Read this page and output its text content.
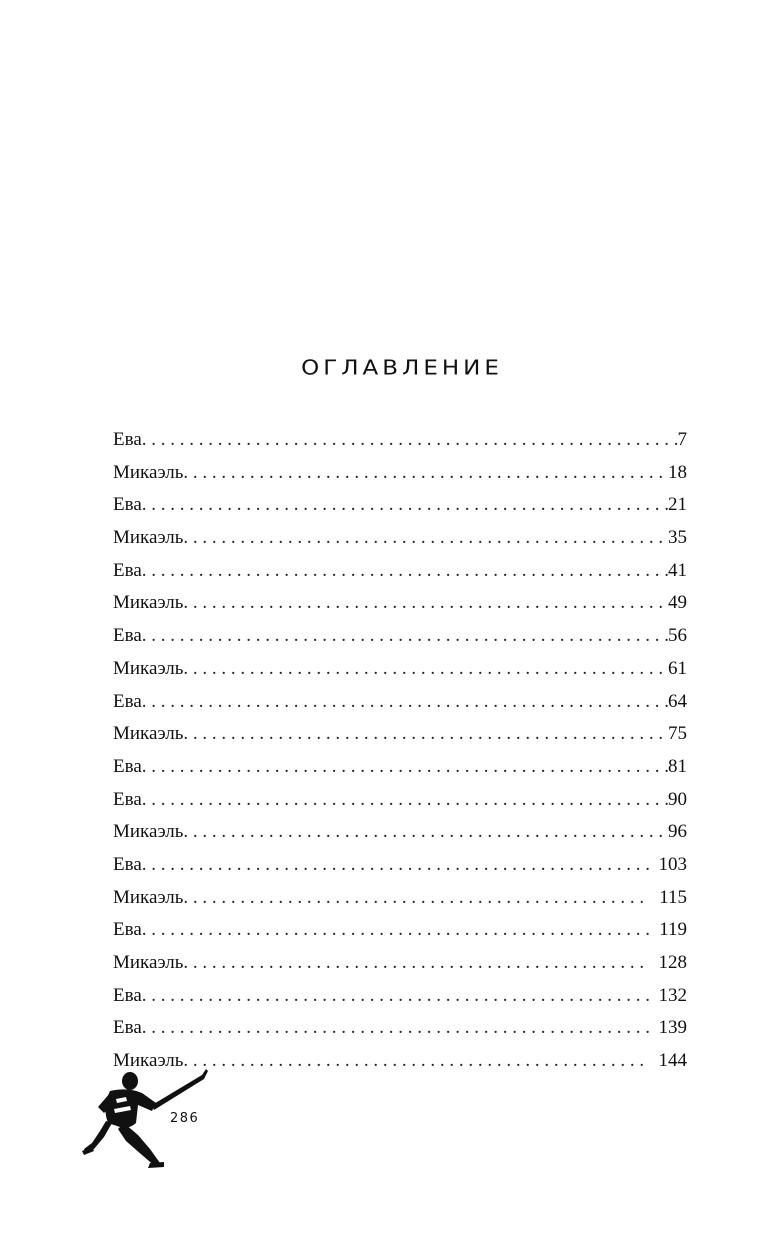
ОГЛАВЛЕНИЕ
Ева . . .	7
Микаэль . . .	18
Ева . . .	21
Микаэль . . .	35
Ева . . .	41
Микаэль . . .	49
Ева . . .	56
Микаэль . . .	61
Ева . . .	64
Микаэль . . .	75
Ева . . .	81
Ева . . .	90
Микаэль . . .	96
Ева . . .	103
Микаэль . . .	115
Ева . . .	119
Микаэль . . .	128
Ева . . .	132
Ева . . .	139
Микаэль . . .	144
286
